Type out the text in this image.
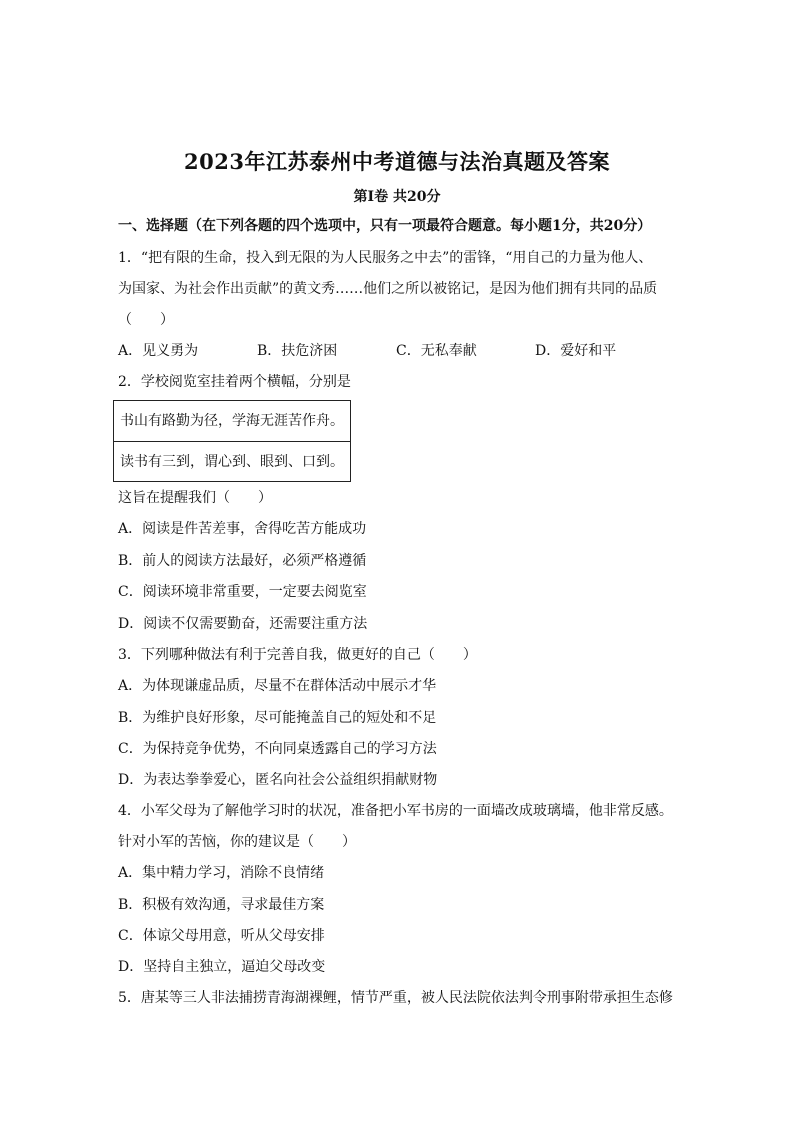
2023年江苏泰州中考道德与法治真题及答案
第Ⅰ卷 共20分
一、选择题（在下列各题的四个选项中，只有一项最符合题意。每小题1分，共20分）
1．“把有限的生命，投入到无限的为人民服务之中去”的雷锋，“用自己的力量为他人、
为国家、为社会作出贡献”的黄文秀……他们之所以被铭记，是因为他们拥有共同的品质
（　　）
A．见义勇为	B．扶危济困	C．无私奉献	D．爱好和平
2．学校阅览室挂着两个横幅，分别是
书山有路勤为径，学海无涯苦作舟。
读书有三到，谓心到、眼到、口到。
这旨在提醒我们（　　）
A．阅读是件苦差事，舍得吃苦方能成功
B．前人的阅读方法最好，必须严格遵循
C．阅读环境非常重要，一定要去阅览室
D．阅读不仅需要勤奋，还需要注重方法
3．下列哪种做法有利于完善自我，做更好的自己（　　）
A．为体现谦虚品质，尽量不在群体活动中展示才华
B．为维护良好形象，尽可能掩盖自己的短处和不足
C．为保持竞争优势，不向同桌透露自己的学习方法
D．为表达拳拳爱心，匿名向社会公益组织捐献财物
4．小军父母为了解他学习时的状况，准备把小军书房的一面墙改成玻璃墙，他非常反感。
针对小军的苦恼，你的建议是（　　）
A．集中精力学习，消除不良情绪
B．积极有效沟通，寻求最佳方案
C．体谅父母用意，听从父母安排
D．坚持自主独立，逼迫父母改变
5．唐某等三人非法捕捞青海湖裸鲤，情节严重，被人民法院依法判令刑事附带承担生态修
